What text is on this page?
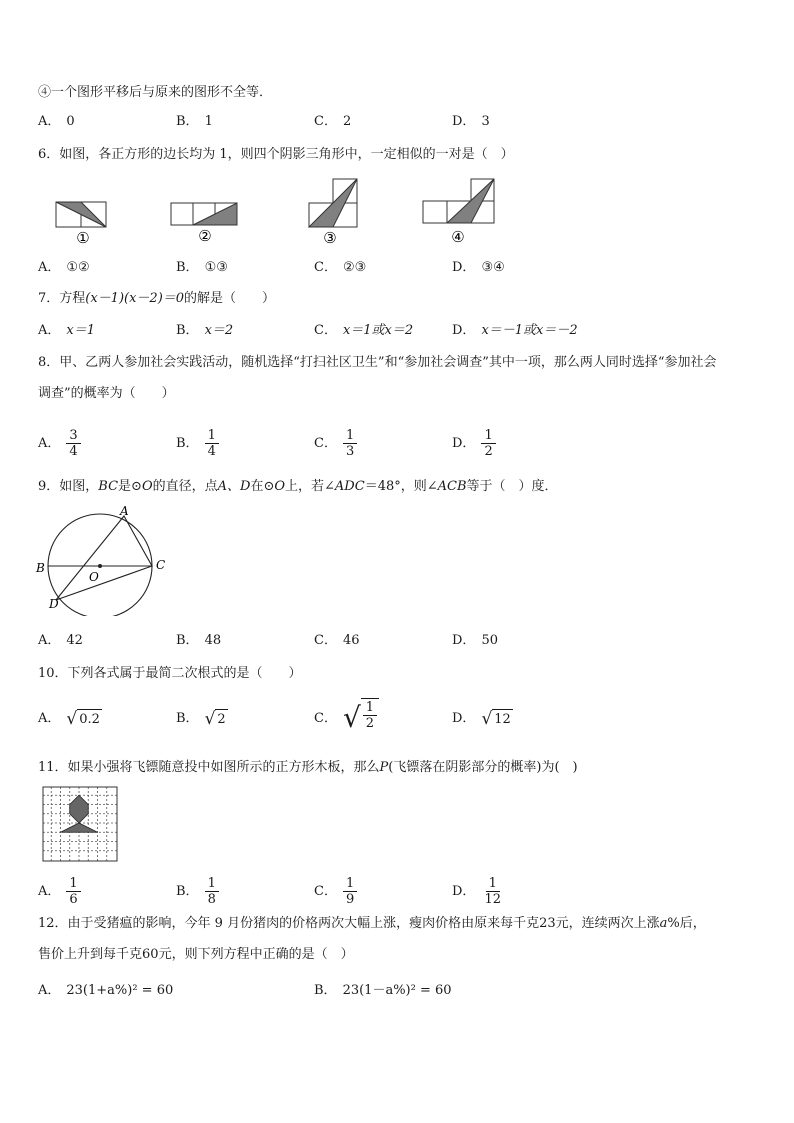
④一个图形平移后与原来的图形不全等．
A． 0	B． 1	C． 2	D． 3
6．如图，各正方形的边长均为 1，则四个阴影三角形中，一定相似的一对是（　）
①	②	③	④
A． ①②	B． ①③	C． ②③	D． ③④
7．方程(x－1)(x－2)＝0的解是（　　）
A． x＝1	B． x＝2	C． x＝1或x＝2	D． x＝－1或x＝－2
8．甲、乙两人参加社会实践活动，随机选择“打扫社区卫生”和“参加社会调查”其中一项，那么两人同时选择“参加社会
调查”的概率为（　　）
A． $\frac{3}{4}$	B． $\frac{1}{4}$	C． $\frac{1}{3}$	D． $\frac{1}{2}$
9．如图，BC是⊙O的直径，点A、D在⊙O上，若∠ADC＝48°，则∠ACB等于（　）度．
A
B	C
D
O
A． 42	B． 48	C． 46	D． 50
10．下列各式属于最简二次根式的是（　　）
A． √ 0.2	B． √ 2	C． √ $\frac{1}{2}$	D． √ 12
11．如果小强将飞镖随意投中如图所示的正方形木板，那么P(飞镖落在阴影部分的概率)为(　)
A． $\frac{1}{6}$	B． $\frac{1}{8}$	C． $\frac{1}{9}$	D． $\frac{1}{12}$
12．由于受猪瘟的影响，今年 9 月份猪肉的价格两次大幅上涨，瘦肉价格由原来每千克23元，连续两次上涨a%后，
售价上升到每千克60元，则下列方程中正确的是（　）
A． 23(1+a%)² = 60	B． 23(1－a%)² = 60
